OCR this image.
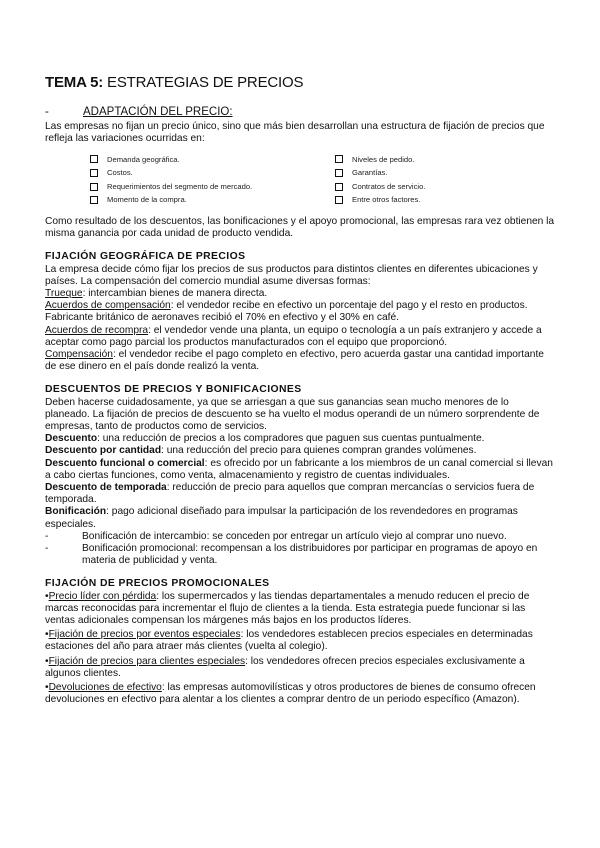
TEMA 5: ESTRATEGIAS DE PRECIOS
-	ADAPTACIÓN DEL PRECIO:

Las empresas no fijan un precio único, sino que más bien desarrollan una estructura de fijación de precios que refleja las variaciones ocurridas en:

Demanda geográfica.	Niveles de pedido.
Costos.	Garantías.
Requerimientos del segmento de mercado.	Contratos de servicio.
Momento de la compra.	Entre otros factores.

Como resultado de los descuentos, las bonificaciones y el apoyo promocional, las empresas rara vez obtienen la misma ganancia por cada unidad de producto vendida.

FIJACIÓN GEOGRÁFICA DE PRECIOS

La empresa decide cómo fijar los precios de sus productos para distintos clientes en diferentes ubicaciones y países. La compensación del comercio mundial asume diversas formas:

Trueque: intercambian bienes de manera directa.

Acuerdos de compensación: el vendedor recibe en efectivo un porcentaje del pago y el resto en productos. Fabricante británico de aeronaves recibió el 70% en efectivo y el 30% en café.

Acuerdos de recompra: el vendedor vende una planta, un equipo o tecnología a un país extranjero y accede a aceptar como pago parcial los productos manufacturados con el equipo que proporcionó.

Compensación: el vendedor recibe el pago completo en efectivo, pero acuerda gastar una cantidad importante de ese dinero en el país donde realizó la venta.

DESCUENTOS DE PRECIOS Y BONIFICACIONES

Deben hacerse cuidadosamente, ya que se arriesgan a que sus ganancias sean mucho menores de lo planeado. La fijación de precios de descuento se ha vuelto el modus operandi de un número sorprendente de empresas, tanto de productos como de servicios.

Descuento: una reducción de precios a los compradores que paguen sus cuentas puntualmente.

Descuento por cantidad: una reducción del precio para quienes compran grandes volúmenes.

Descuento funcional o comercial: es ofrecido por un fabricante a los miembros de un canal comercial si llevan a cabo ciertas funciones, como venta, almacenamiento y registro de cuentas individuales.

Descuento de temporada: reducción de precio para aquellos que compran mercancías o servicios fuera de temporada.

Bonificación: pago adicional diseñado para impulsar la participación de los revendedores en programas especiales.

-	Bonificación de intercambio: se conceden por entregar un artículo viejo al comprar uno nuevo.
-	Bonificación promocional: recompensan a los distribuidores por participar en programas de apoyo en materia de publicidad y venta.
FIJACIÓN DE PRECIOS PROMOCIONALES

•Precio líder con pérdida: los supermercados y las tiendas departamentales a menudo reducen el precio de marcas reconocidas para incrementar el flujo de clientes a la tienda. Esta estrategia puede funcionar si las ventas adicionales compensan los márgenes más bajos en los productos líderes.

•Fijación de precios por eventos especiales: los vendedores establecen precios especiales en determinadas estaciones del año para atraer más clientes (vuelta al colegio).

•Fijación de precios para clientes especiales: los vendedores ofrecen precios especiales exclusivamente a algunos clientes.

•Devoluciones de efectivo: las empresas automovilísticas y otros productores de bienes de consumo ofrecen devoluciones en efectivo para alentar a los clientes a comprar dentro de un periodo específico (Amazon).
